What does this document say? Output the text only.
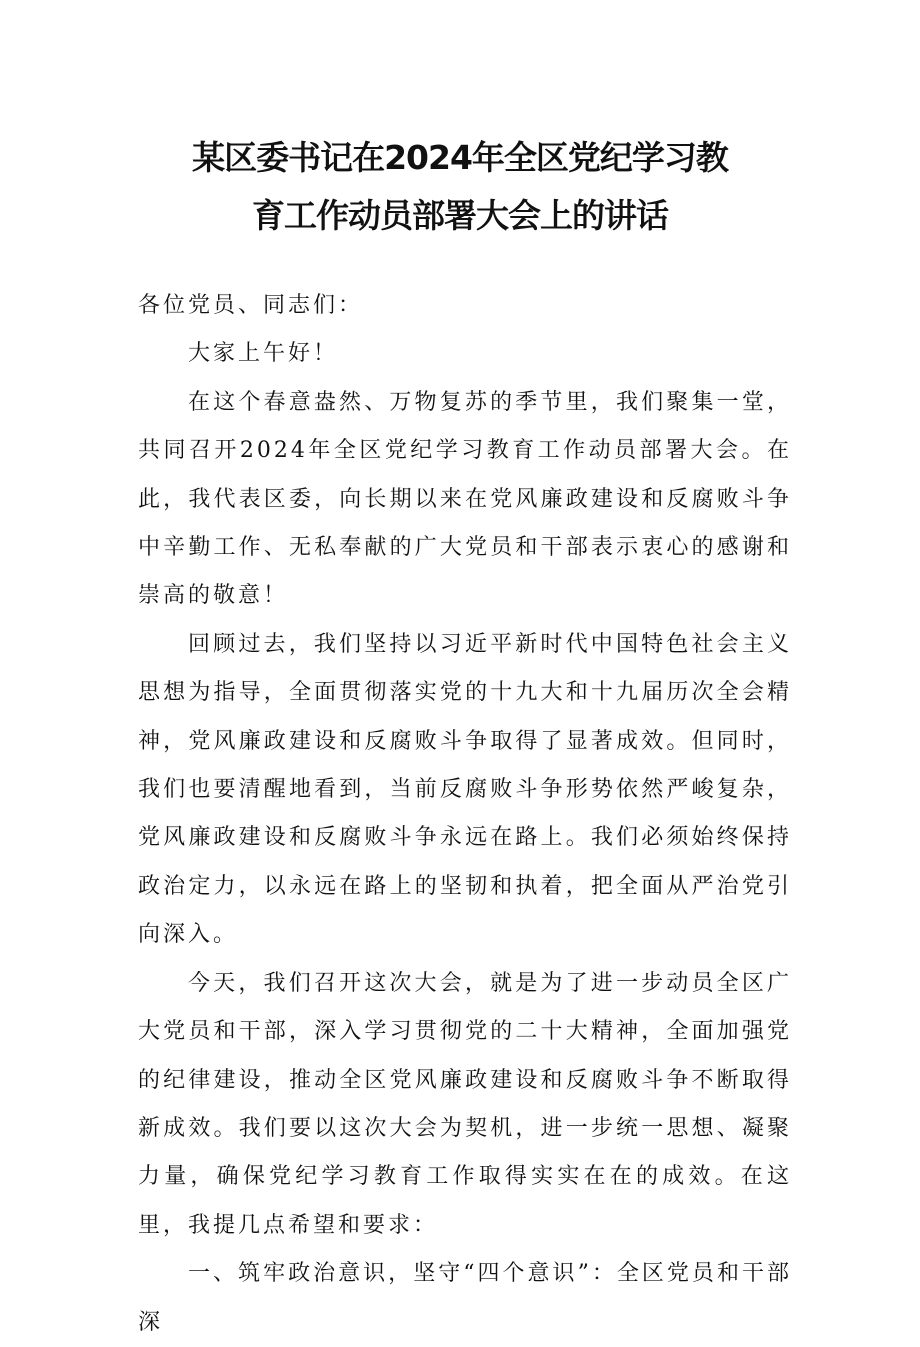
某区委书记在2024年全区党纪学习教
育工作动员部署大会上的讲话

各位党员、同志们：

大家上午好！

在这个春意盎然、万物复苏的季节里，我们聚集一堂，共同召开2024年全区党纪学习教育工作动员部署大会。在此，我代表区委，向长期以来在党风廉政建设和反腐败斗争中辛勤工作、无私奉献的广大党员和干部表示衷心的感谢和崇高的敬意！

回顾过去，我们坚持以习近平新时代中国特色社会主义思想为指导，全面贯彻落实党的十九大和十九届历次全会精神，党风廉政建设和反腐败斗争取得了显著成效。但同时，我们也要清醒地看到，当前反腐败斗争形势依然严峻复杂，党风廉政建设和反腐败斗争永远在路上。我们必须始终保持政治定力，以永远在路上的坚韧和执着，把全面从严治党引向深入。

今天，我们召开这次大会，就是为了进一步动员全区广大党员和干部，深入学习贯彻党的二十大精神，全面加强党的纪律建设，推动全区党风廉政建设和反腐败斗争不断取得新成效。我们要以这次大会为契机，进一步统一思想、凝聚力量，确保党纪学习教育工作取得实实在在的成效。在这里，我提几点希望和要求：

一、筑牢政治意识，坚守“四个意识”：全区党员和干部深
